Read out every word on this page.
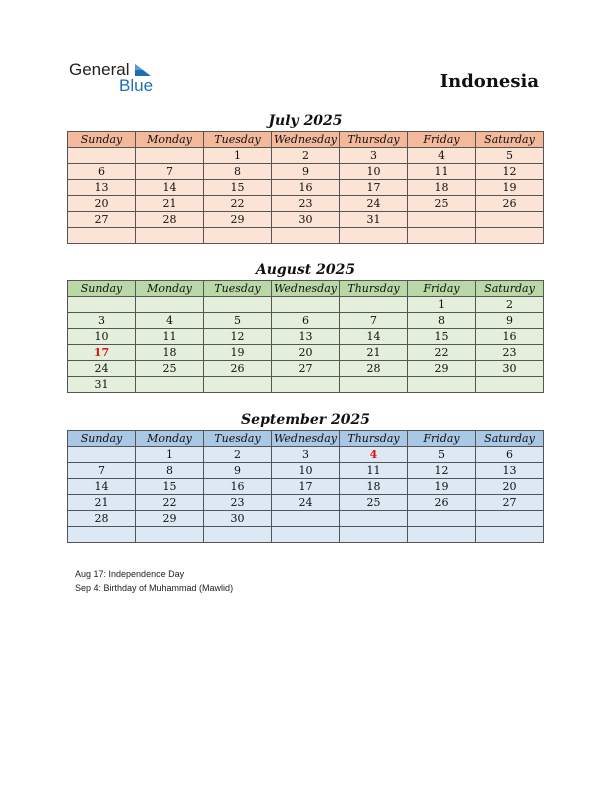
General
Blue	Indonesia
July 2025
Sunday	Monday	Tuesday	Wednesday	Thursday	Friday	Saturday
		1	2	3	4	5
6	7	8	9	10	11	12
13	14	15	16	17	18	19
20	21	22	23	24	25	26
27	28	29	30	31		

August 2025
Sunday	Monday	Tuesday	Wednesday	Thursday	Friday	Saturday
					1	2
3	4	5	6	7	8	9
10	11	12	13	14	15	16
17	18	19	20	21	22	23
24	25	26	27	28	29	30
31						
September 2025
Sunday	Monday	Tuesday	Wednesday	Thursday	Friday	Saturday
	1	2	3	4	5	6
7	8	9	10	11	12	13
14	15	16	17	18	19	20
21	22	23	24	25	26	27
28	29	30				

Aug 17: Independence Day
Sep 4: Birthday of Muhammad (Mawlid)
